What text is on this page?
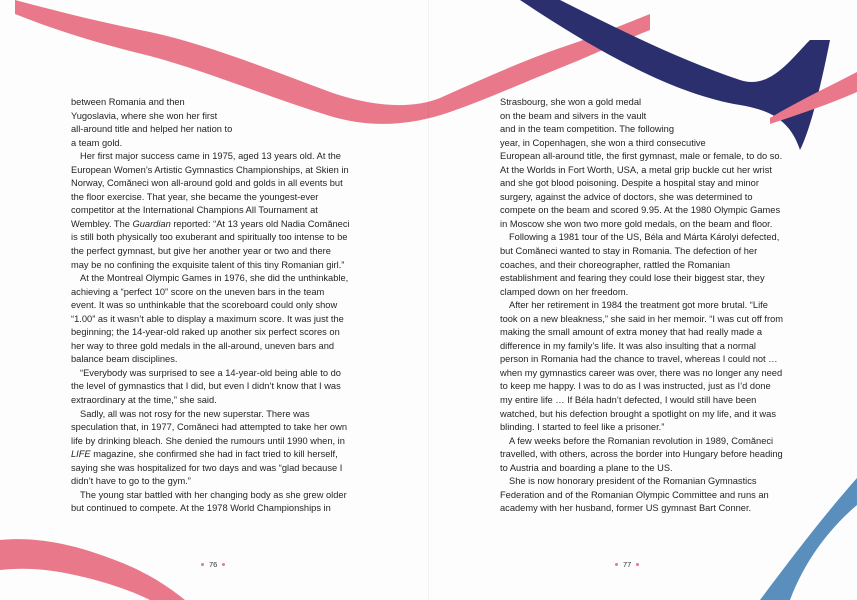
between Romania and then
Yugoslavia, where she won her first
all-around title and helped her nation to
a team gold.

Her first major success came in 1975, aged 13 years old. At the European Women’s Artistic Gymnastics Championships, at Skien in Norway, Comăneci won all-around gold and golds in all events but the floor exercise. That year, she became the youngest-ever competitor at the International Champions All Tournament at Wembley. The Guardian reported: “At 13 years old Nadia Comăneci is still both physically too exuberant and spiritually too intense to be the perfect gymnast, but give her another year or two and there may be no confining the exquisite talent of this tiny Romanian girl.”

At the Montreal Olympic Games in 1976, she did the unthinkable, achieving a “perfect 10” score on the uneven bars in the team event. It was so unthinkable that the scoreboard could only show “1.00” as it wasn’t able to display a maximum score. It was just the beginning; the 14-year-old raked up another six perfect scores on her way to three gold medals in the all-around, uneven bars and balance beam disciplines.

“Everybody was surprised to see a 14-year-old being able to do the level of gymnastics that I did, but even I didn’t know that I was extraordinary at the time,” she said.

Sadly, all was not rosy for the new superstar. There was speculation that, in 1977, Comăneci had attempted to take her own life by drinking bleach. She denied the rumours until 1990 when, in LIFE magazine, she confirmed she had in fact tried to kill herself, saying she was hospitalized for two days and was “glad because I didn’t have to go to the gym.”

The young star battled with her changing body as she grew older but continued to compete. At the 1978 World Championships in

76

Strasbourg, she won a gold medal
on the beam and silvers in the vault
and in the team competition. The following
year, in Copenhagen, she won a third consecutive
European all-around title, the first gymnast, male or female, to do so. At the Worlds in Fort Worth, USA, a metal grip buckle cut her wrist and she got blood poisoning. Despite a hospital stay and minor surgery, against the advice of doctors, she was determined to compete on the beam and scored 9.95. At the 1980 Olympic Games in Moscow she won two more gold medals, on the beam and floor.

Following a 1981 tour of the US, Béla and Márta Károlyi defected, but Comăneci wanted to stay in Romania. The defection of her coaches, and their choreographer, rattled the Romanian establishment and fearing they could lose their biggest star, they clamped down on her freedom.

After her retirement in 1984 the treatment got more brutal. “Life took on a new bleakness,” she said in her memoir. “I was cut off from making the small amount of extra money that had really made a difference in my family’s life. It was also insulting that a normal person in Romania had the chance to travel, whereas I could not … when my gymnastics career was over, there was no longer any need to keep me happy. I was to do as I was instructed, just as I’d done my entire life … If Béla hadn’t defected, I would still have been watched, but his defection brought a spotlight on my life, and it was blinding. I started to feel like a prisoner.”

A few weeks before the Romanian revolution in 1989, Comăneci travelled, with others, across the border into Hungary before heading to Austria and boarding a plane to the US.

She is now honorary president of the Romanian Gymnastics Federation and of the Romanian Olympic Committee and runs an academy with her husband, former US gymnast Bart Conner.

77
